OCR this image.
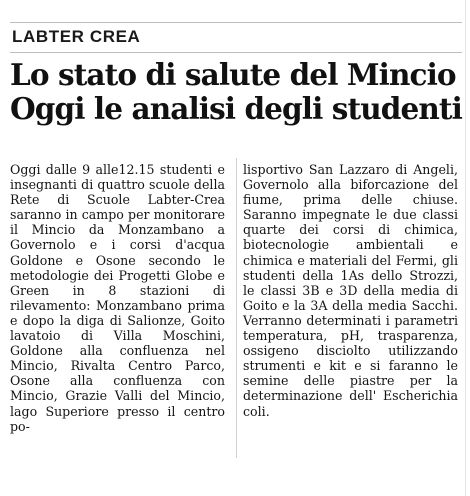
LABTER CREA
Lo stato di salute del Mincio
Oggi le analisi degli studenti

Oggi dalle 9 alle12.15 studenti e insegnanti di quattro scuole della Rete di Scuole Labter-Crea saranno in campo per monitorare il Mincio da Monzambano a Governolo e i corsi d'acqua Goldone e Osone secondo le metodologie dei Progetti Globe e Green in 8 stazioni di rilevamento: Monzambano prima e dopo la diga di Salionze, Goito lavatoio di Villa Moschini, Goldone alla confluenza nel Mincio, Rivalta Centro Parco, Osone alla confluenza con Mincio, Grazie Valli del Mincio, lago Superiore presso il centro po-

lisportivo San Lazzaro di Angeli, Governolo alla biforcazione del fiume, prima delle chiuse. Saranno impegnate le due classi quarte dei corsi di chimica, biotecnologie ambientali e chimica e materiali del Fermi, gli studenti della 1As dello Strozzi, le classi 3B e 3D della media di Goito e la 3A della media Sacchi. Verranno determinati i parametri temperatura, pH, trasparenza, ossigeno disciolto utilizzando strumenti e kit e si faranno le semine delle piastre per la determinazione dell' Escherichia coli.
